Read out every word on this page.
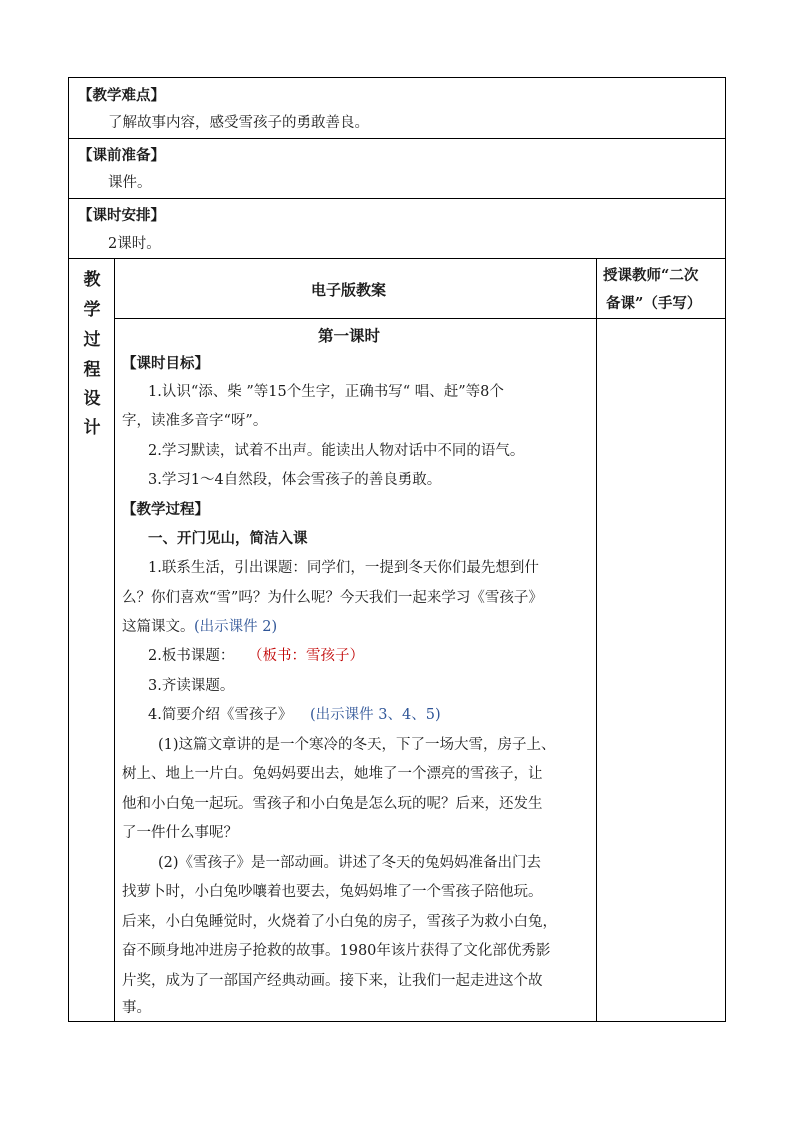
【教学难点】
了解故事内容，感受雪孩子的勇敢善良。
【课前准备】
课件。
【课时安排】
2课时。
教
学
过
程
设
计
电子版教案
授课教师“二次
备课”（手写）
第一课时
【课时目标】
1.认识“添、柴 ”等15个生字，正确书写“ 唱、赶”等8个
字，读准多音字“呀”。
2.学习默读，试着不出声。能读出人物对话中不同的语气。
3.学习1～4自然段，体会雪孩子的善良勇敢。
【教学过程】
一、开门见山，简洁入课
1.联系生活，引出课题：同学们，一提到冬天你们最先想到什
么？你们喜欢“雪”吗？为什么呢？今天我们一起来学习《雪孩子》
这篇课文。 (出示课件 2)
2.板书课题： （板书：雪孩子）
3.齐读课题。
4.简要介绍《雪孩子》 (出示课件 3、4、5)
(1)这篇文章讲的是一个寒冷的冬天，下了一场大雪，房子上、
树上、地上一片白。兔妈妈要出去，她堆了一个漂亮的雪孩子，让
他和小白兔一起玩。雪孩子和小白兔是怎么玩的呢？后来，还发生
了一件什么事呢？
(2)《雪孩子》是一部动画。讲述了冬天的兔妈妈准备出门去
找萝卜时，小白兔吵嚷着也要去，兔妈妈堆了一个雪孩子陪他玩。
后来，小白兔睡觉时，火烧着了小白兔的房子，雪孩子为救小白兔，
奋不顾身地冲进房子抢救的故事。1980年该片获得了文化部优秀影
片奖，成为了一部国产经典动画。接下来，让我们一起走进这个故
事。
